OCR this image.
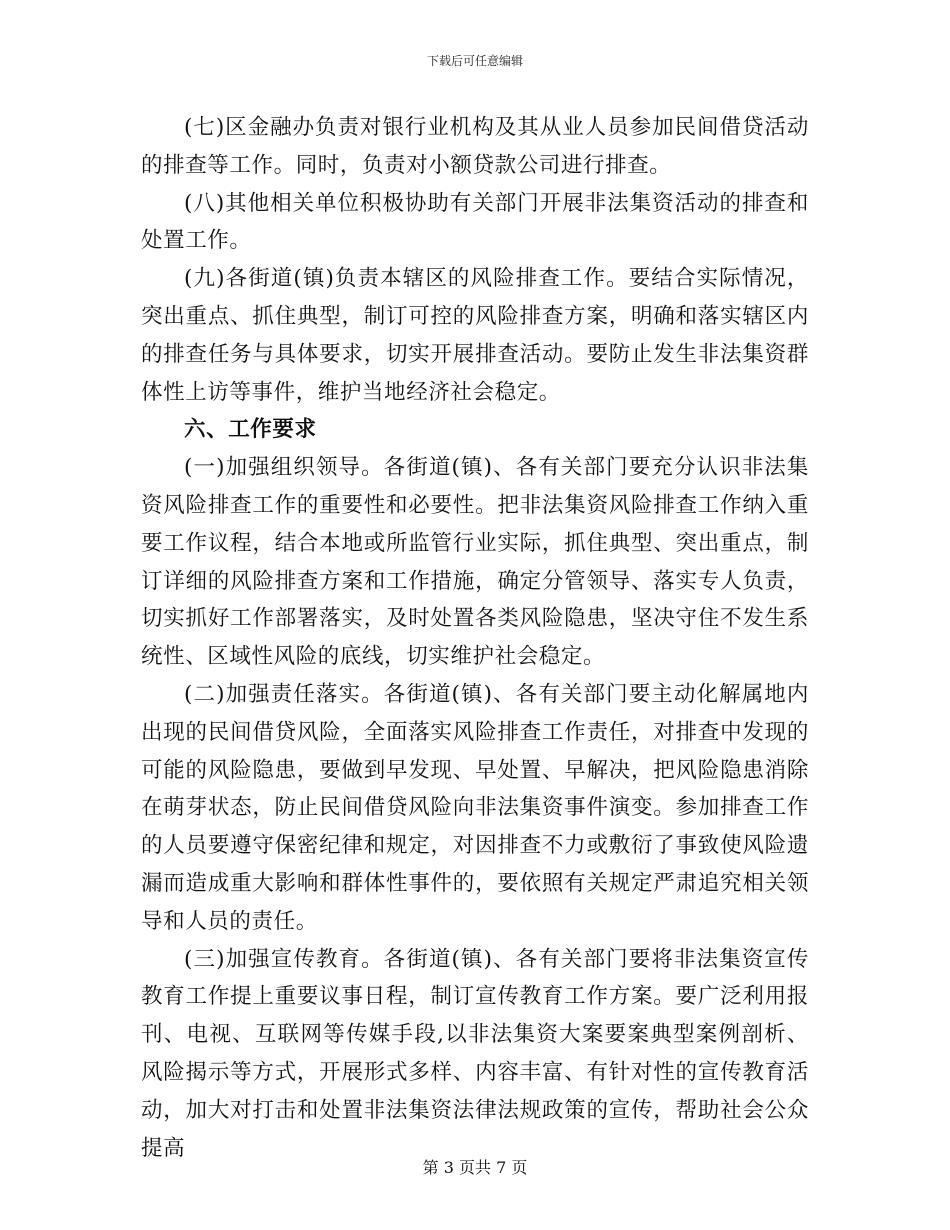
下载后可任意编辑

(七)区金融办负责对银行业机构及其从业人员参加民间借贷活动的排查等工作。同时，负责对小额贷款公司进行排查。

(八)其他相关单位积极协助有关部门开展非法集资活动的排查和处置工作。

(九)各街道(镇)负责本辖区的风险排查工作。要结合实际情况，突出重点、抓住典型，制订可控的风险排查方案，明确和落实辖区内的排查任务与具体要求，切实开展排查活动。要防止发生非法集资群体性上访等事件，维护当地经济社会稳定。

六、工作要求

(一)加强组织领导。各街道(镇)、各有关部门要充分认识非法集资风险排查工作的重要性和必要性。把非法集资风险排查工作纳入重要工作议程，结合本地或所监管行业实际，抓住典型、突出重点，制订详细的风险排查方案和工作措施，确定分管领导、落实专人负责，切实抓好工作部署落实，及时处置各类风险隐患，坚决守住不发生系统性、区域性风险的底线，切实维护社会稳定。

(二)加强责任落实。各街道(镇)、各有关部门要主动化解属地内出现的民间借贷风险，全面落实风险排查工作责任，对排查中发现的可能的风险隐患，要做到早发现、早处置、早解决，把风险隐患消除在萌芽状态，防止民间借贷风险向非法集资事件演变。参加排查工作的人员要遵守保密纪律和规定，对因排查不力或敷衍了事致使风险遗漏而造成重大影响和群体性事件的，要依照有关规定严肃追究相关领导和人员的责任。

(三)加强宣传教育。各街道(镇)、各有关部门要将非法集资宣传教育工作提上重要议事日程，制订宣传教育工作方案。要广泛利用报刊、电视、互联网等传媒手段,以非法集资大案要案典型案例剖析、风险揭示等方式，开展形式多样、内容丰富、有针对性的宣传教育活动，加大对打击和处置非法集资法律法规政策的宣传，帮助社会公众提高

第 3 页共 7 页
